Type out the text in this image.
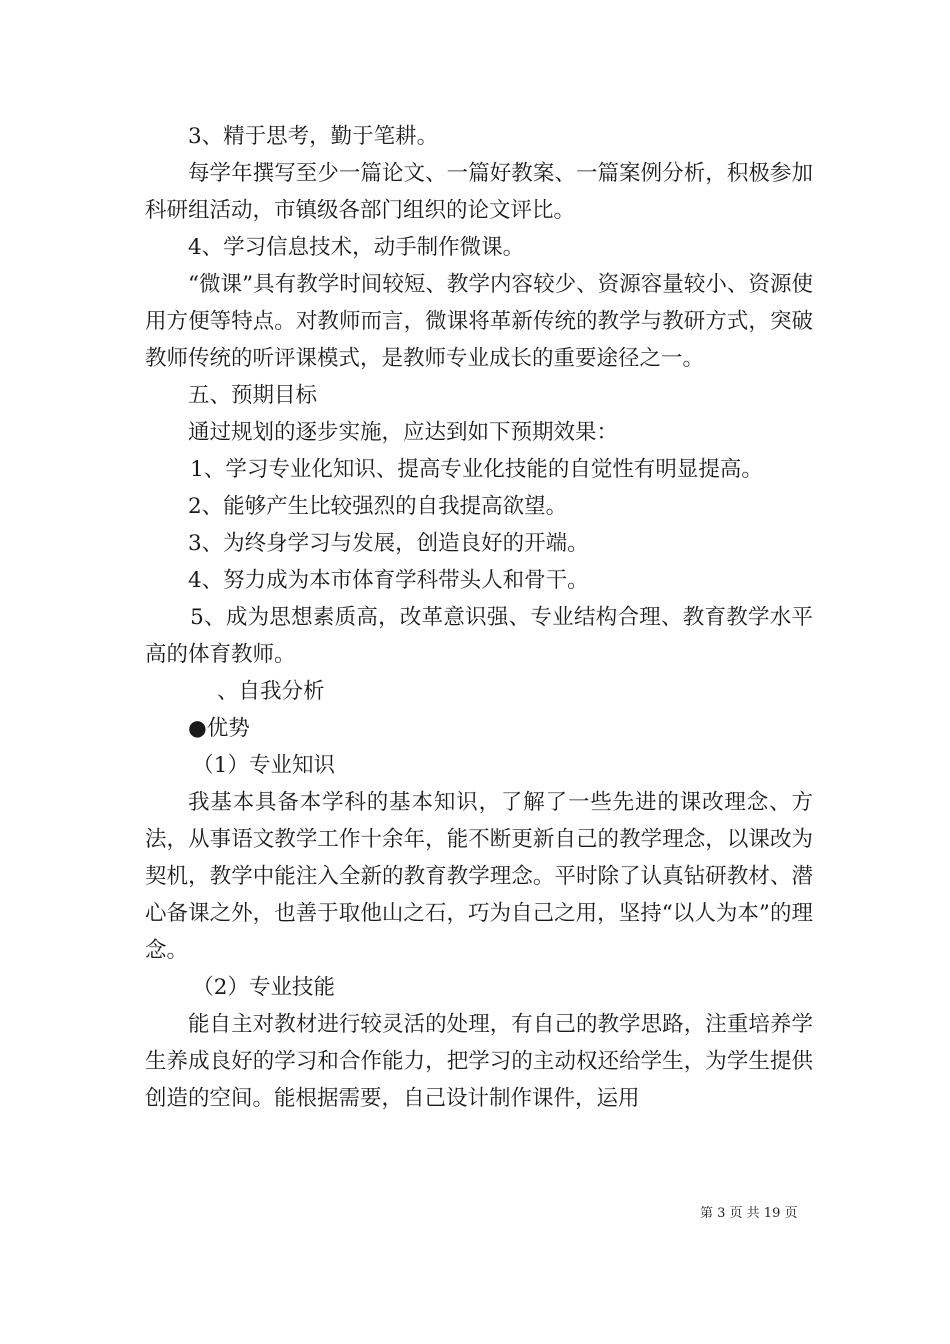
3、精于思考，勤于笔耕。

每学年撰写至少一篇论文、一篇好教案、一篇案例分析，积极参加科研组活动，市镇级各部门组织的论文评比。

4、学习信息技术，动手制作微课。

“微课”具有教学时间较短、教学内容较少、资源容量较小、资源使用方便等特点。对教师而言，微课将革新传统的教学与教研方式，突破教师传统的听评课模式，是教师专业成长的重要途径之一。

五、预期目标

通过规划的逐步实施，应达到如下预期效果：

1、学习专业化知识、提高专业化技能的自觉性有明显提高。

2、能够产生比较强烈的自我提高欲望。

3、为终身学习与发展，创造良好的开端。

4、努力成为本市体育学科带头人和骨干。

5、成为思想素质高，改革意识强、专业结构合理、教育教学水平高的体育教师。

、自我分析

●优势

（1）专业知识

我基本具备本学科的基本知识，了解了一些先进的课改理念、方法，从事语文教学工作十余年，能不断更新自己的教学理念，以课改为契机，教学中能注入全新的教育教学理念。平时除了认真钻研教材、潜心备课之外，也善于取他山之石，巧为自己之用，坚持“以人为本”的理念。

（2）专业技能

能自主对教材进行较灵活的处理，有自己的教学思路，注重培养学生养成良好的学习和合作能力，把学习的主动权还给学生，为学生提供创造的空间。能根据需要，自己设计制作课件，运用

第 3 页 共 19 页
